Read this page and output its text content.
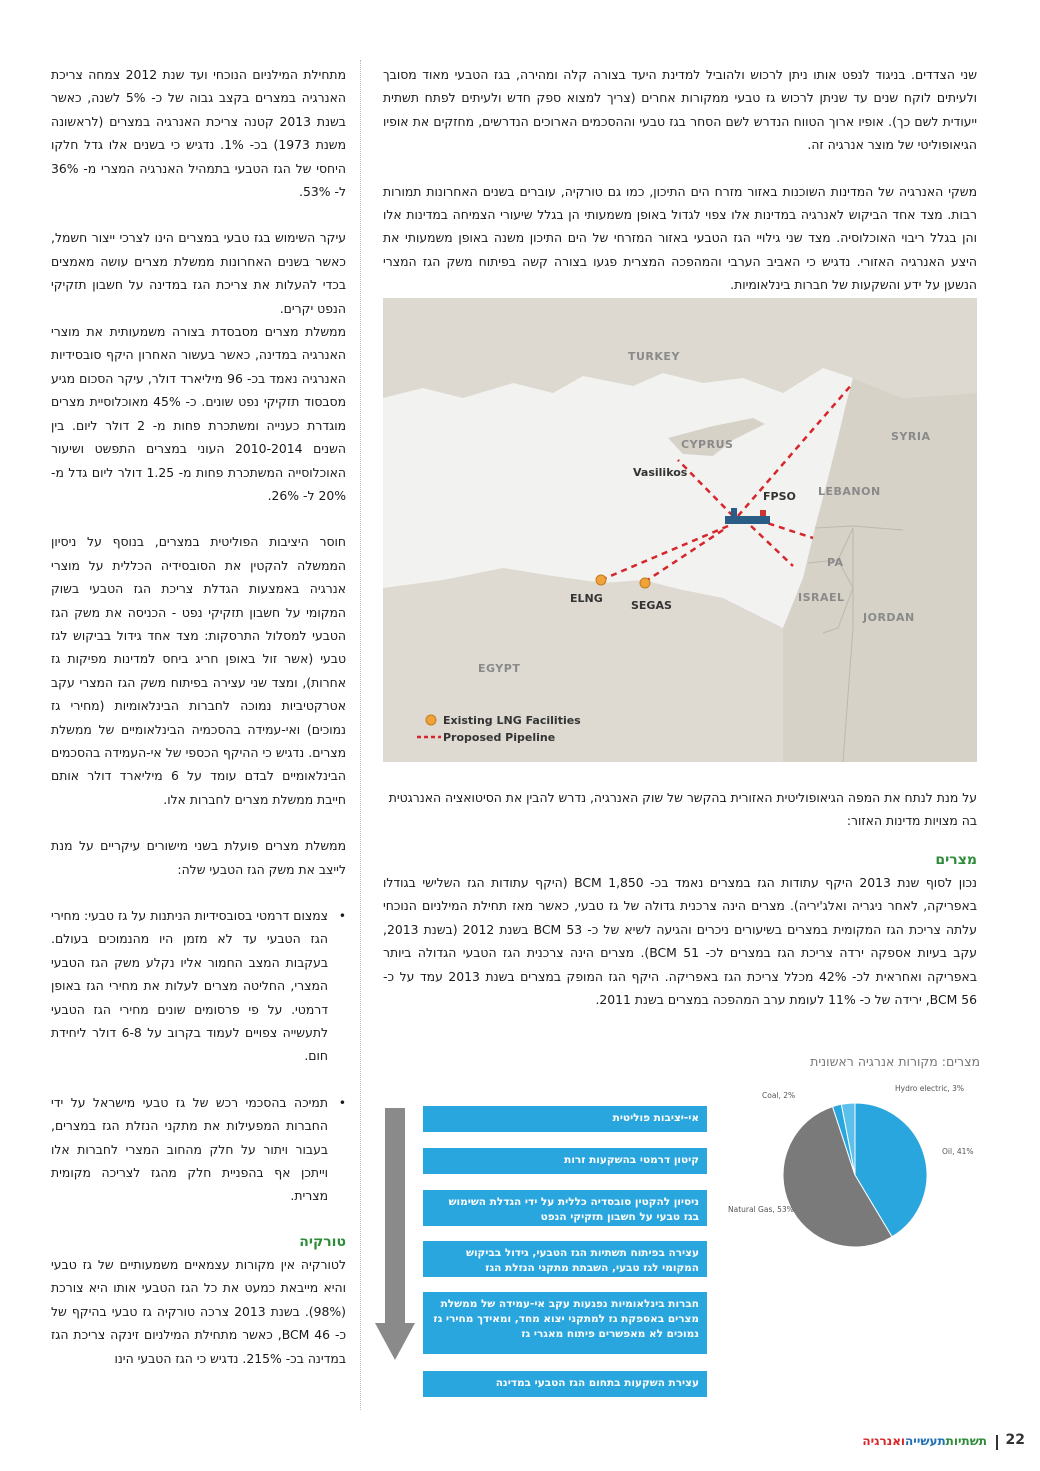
שני הצדדים. בניגוד לנפט אותו ניתן לרכוש ולהוביל למדינת היעד בצורה קלה ומהירה, בגז הטבעי מאוד מסובך ולעיתים לוקח שנים עד שניתן לרכוש גז טבעי ממקורות אחרים (צריך למצוא ספק חדש ולעיתים לפתח תשתית ייעודית לשם כך). אופיו ארוך הטווח הנדרש לשם הסחר בגז טבעי וההסכמים הארוכים הנדרשים, מחזקים את אופיו הגיאופוליטי של מוצר אנרגיה זה.

משקי האנרגיה של המדינות השוכנות באזור מזרח הים התיכון, כמו גם טורקיה, עוברים בשנים האחרונות תמורות רבות. מצד אחד הביקוש לאנרגיה במדינות אלו צפוי לגדול באופן משמעותי הן בגלל שיעורי הצמיחה במדינות אלו והן בגלל ריבוי האוכלוסיה. מצד שני גילויי הגז הטבעי באזור המזרחי של הים התיכון משנה באופן משמעותי את היצע האנרגיה האזורי. נדגיש כי האביב הערבי והמהפכה המצרית פגעו בצורה קשה בפיתוח משק הגז המצרי הנשען על ידע והשקעות של חברות בינלאומיות.

TURKEY
SYRIA
CYPRUS
Vasilikos
FPSO LEBANON
PA
ISRAEL
JORDAN
ELNG
SEGAS
EGYPT
Existing LNG Facilities
Proposed Pipeline
על מנת לנתח את המפה הגיאופוליטית האזורית בהקשר של שוק האנרגיה, נדרש להבין את הסיטואציה האנרגטית בה מצויות מדינות האזור:
מצרים

נכון לסוף שנת 2013 היקף עתודות הגז במצרים נאמד בכ- BCM 1,850 (היקף עתודות הגז השלישי בגודלו באפריקה, לאחר ניגריה ואלג'יריה). מצרים הינה צרכנית גדולה של גז טבעי, כאשר מאז תחילת המילניום הנוכחי עלתה צריכת הגז המקומית במצרים בשיעורים ניכרים והגיעה לשיא של כ- BCM 53 בשנת 2012 (בשנת 2013, עקב בעיות אספקה ירדה צריכת הגז במצרים לכ- BCM 51). מצרים הינה צרכנית הגז הטבעי הגדולה ביותר באפריקה ואחראית לכ- 42% מכלל צריכת הגז באפריקה. היקף הגז המופק במצרים בשנת 2013 עמד על כ- BCM 56, ירידה של כ- 11% לעומת ערב המהפכה במצרים בשנת 2011.

מצרים: מקורות אנרגיה ראשונית
Coal, 2%
Hydro electric, 3%
Oil, 41%
Natural Gas, 53%
אי-יציבות פוליטית
קיטון דרמטי בהשקעות זרות
ניסיון להקטין סובסדיה כללית על ידי הגדלת השימוש בגז טבעי על חשבון תזקיקי הנפט
עצירה בפיתוח תשתיות הגז הטבעי, גידול בביקוש המקומי לגז טבעי, השבתת מתקני הנזלת הגז
חברות בינלאומיות נפגעות עקב אי-עמידה של ממשלת מצרים באספקת גז למתקני יצוא מחד, ומאידך מחירי גז נמוכים לא מאפשרים פיתוח מאגרי גז
עצירת השקעות בתחום הגז הטבעי במדינה

מתחילת המילניום הנוכחי ועד שנת 2012 צמחה צריכת האנרגיה במצרים בקצב גבוה של כ- 5% לשנה, כאשר בשנת 2013 קטנה צריכת האנרגיה במצרים (לראשונה משנת 1973) בכ- 1%. נדגיש כי בשנים אלו גדל חלקו היחסי של הגז הטבעי בתמהיל האנרגיה המצרי מ- 36% ל- 53%.

עיקר השימוש בגז טבעי במצרים הינו לצרכי ייצור חשמל, כאשר בשנים האחרונות ממשלת מצרים עושה מאמצים בכדי להעלות את צריכת הגז במדינה על חשבון תזקיקי הנפט יקרים.

ממשלת מצרים מסבסדת בצורה משמעותית את מוצרי האנרגיה במדינה, כאשר בעשור האחרון היקף סובסידיות האנרגיה נאמד בכ- 96 מיליארד דולר, עיקר הסכום מגיע מסבסוד תזקיקי נפט שונים. כ- 45% מאוכלוסיית מצרים מוגדרת כענייה ומשתכרת פחות מ- 2 דולר ליום. בין השנים 2010-2014 העוני במצרים התפשט ושיעור האוכלוסייה המשתכרת פחות מ- 1.25 דולר ליום גדל מ- 20% ל- 26%.

חוסר היציבות הפוליטית במצרים, בנוסף על ניסיון הממשלה להקטין את הסובסידיה הכללית על מוצרי אנרגיה באמצעות הגדלת צריכת הגז הטבעי בשוק המקומי על חשבון תזקיקי נפט - הכניסה את משק הגז הטבעי למסלול התרסקות: מצד אחד גידול בביקוש לגז טבעי (אשר זול באופן חריג ביחס למדינות מפיקות גז אחרות), ומצד שני עצירה בפיתוח משק הגז המצרי עקב אטרקטיביות נמוכה לחברות הבינלאומיות (מחירי גז נמוכים) ואי-עמידה בהסכמיה הבינלאומיים של ממשלת מצרים. נדגיש כי ההיקף הכספי של אי-העמידה בהסכמים הבינלאומיים לבדם עומד על 6 מיליארד דולר אותם חייבת ממשלת מצרים לחברות אלו.

ממשלת מצרים פועלת בשני מישורים עיקריים על מנת לייצב את משק הגז הטבעי שלה:

•
צמצום דרמטי בסובסידיות הניתנות על גז טבעי: מחירי הגז הטבעי עד לא מזמן היו מהנמוכים בעולם. בעקבות המצב החמור אליו נקלע משק הגז הטבעי המצרי, החליטה מצרים לעלות את מחירי הגז באופן דרמטי. על פי פרסומים שונים מחירי הגז הטבעי לתעשייה צפויים לעמוד בקרוב על 6-8 דולר ליחידת חום.

•
תמיכה בהסכמי רכש של גז טבעי מישראל על ידי החברות המפעילות את מתקני הנזלת הגז במצרים, בעבור ויתור על חלק מהחוב המצרי לחברות אלו וייתכן אף בהפניית חלק מהגז לצריכה מקומית מצרית.

טורקיה

לטורקיה אין מקורות עצמאיים משמעותיים של גז טבעי והיא מייבאת כמעט את כל הגז הטבעי אותו היא צורכת (98%). בשנת 2013 צרכה טורקיה גז טבעי בהיקף של כ- BCM 46, כאשר מתחילת המילניום זינקה צריכת הגז במדינה בכ- 215%. נדגיש כי הגז הטבעי הינו

22
תשתיותתעשייהואנרגיה
